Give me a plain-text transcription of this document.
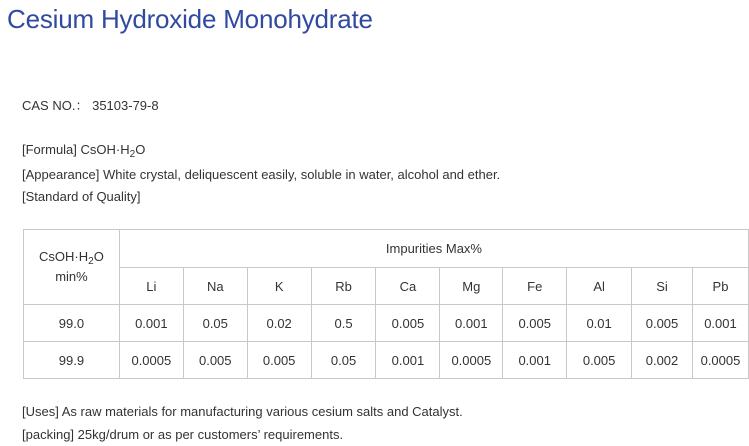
Cesium Hydroxide Monohydrate

CAS NO.： 35103-79-8

[Formula] $CsOH\cdot H_2O$

[Appearance] White crystal, deliquescent easily, soluble in water, alcohol and ether.

[Standard of Quality]

$CsOH\cdot H_2O$
min%	Impurities Max%									
	Li	Na	K	Rb	Ca	Mg	Fe	Al	Si	Pb
99.0	0.001	0.05	0.02	0.5	0.005	0.001	0.005	0.01	0.005	0.001
99.9	0.0005	0.005	0.005	0.05	0.001	0.0005	0.001	0.005	0.002	0.0005

[Uses] As raw materials for manufacturing various cesium salts and Catalyst.

[packing] 25kg/drum or as per customers’ requirements.
